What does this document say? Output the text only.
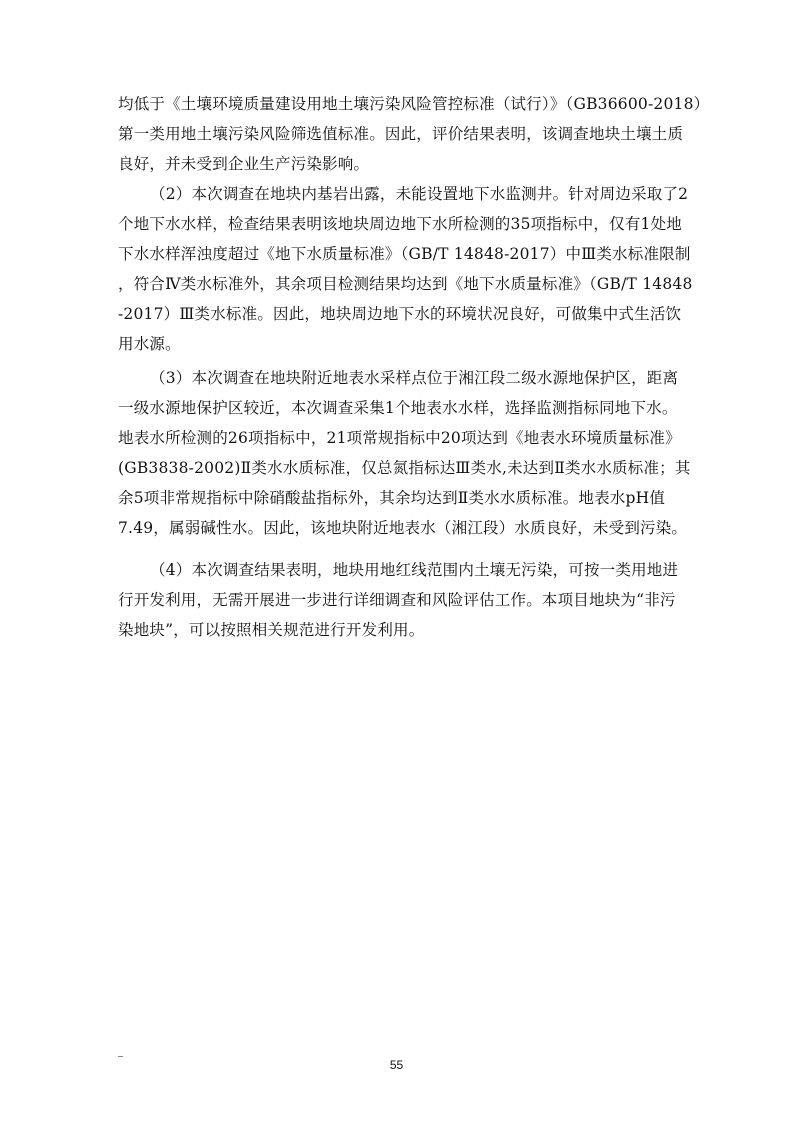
均低于《土壤环境质量建设用地土壤污染风险管控标准（试行）》（GB36600-2018）
第一类用地土壤污染风险筛选值标准。因此，评价结果表明，该调查地块土壤土质
良好，并未受到企业生产污染影响。
（2）本次调查在地块内基岩出露，未能设置地下水监测井。针对周边采取了2
个地下水水样，检查结果表明该地块周边地下水所检测的35项指标中，仅有1处地
下水水样浑浊度超过《地下水质量标准》（GB/T 14848-2017）中Ⅲ类水标准限制
，符合Ⅳ类水标准外，其余项目检测结果均达到《地下水质量标准》（GB/T 14848
-2017）Ⅲ类水标准。因此，地块周边地下水的环境状况良好，可做集中式生活饮
用水源。
（3）本次调查在地块附近地表水采样点位于湘江段二级水源地保护区，距离
一级水源地保护区较近，本次调查采集1个地表水水样，选择监测指标同地下水。
地表水所检测的26项指标中，21项常规指标中20项达到《地表水环境质量标准》
(GB3838-2002)Ⅱ类水水质标准，仅总氮指标达Ⅲ类水,未达到Ⅱ类水水质标准；其
余5项非常规指标中除硝酸盐指标外，其余均达到Ⅱ类水水质标准。地表水pH值
7.49，属弱碱性水。因此，该地块附近地表水（湘江段）水质良好，未受到污染。
（4）本次调查结果表明，地块用地红线范围内土壤无污染，可按一类用地进
行开发利用，无需开展进一步进行详细调查和风险评估工作。本项目地块为“非污
染地块”，可以按照相关规范进行开发利用。
55
